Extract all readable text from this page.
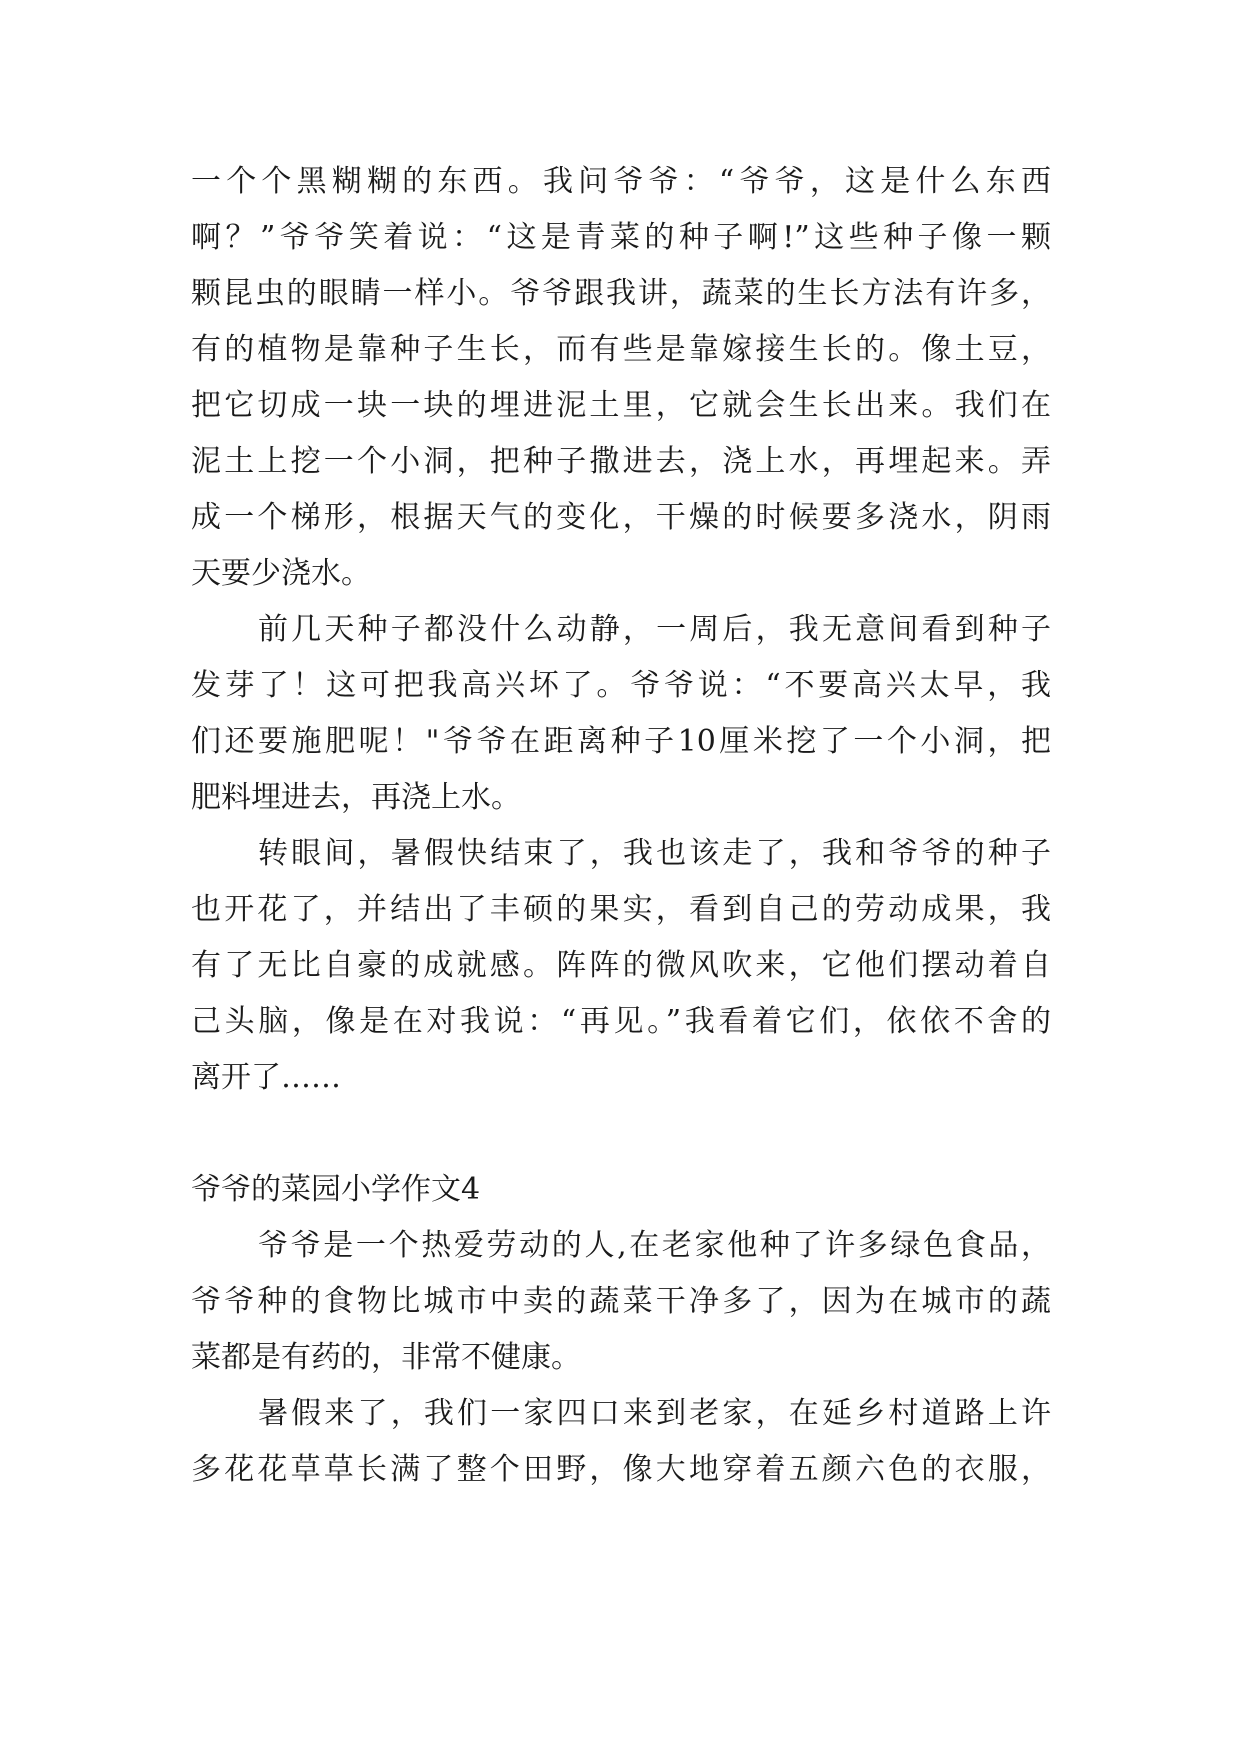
一个个黑糊糊的东西。我问爷爷：“爷爷，这是什么东西
啊？”爷爷笑着说：“这是青菜的种子啊!”这些种子像一颗
颗昆虫的眼睛一样小。爷爷跟我讲，蔬菜的生长方法有许多，
有的植物是靠种子生长，而有些是靠嫁接生长的。像土豆，
把它切成一块一块的埋进泥土里，它就会生长出来。我们在
泥土上挖一个小洞，把种子撒进去，浇上水，再埋起来。弄
成一个梯形，根据天气的变化，干燥的时候要多浇水，阴雨
天要少浇水。
前几天种子都没什么动静，一周后，我无意间看到种子
发芽了！这可把我高兴坏了。爷爷说：“不要高兴太早，我
们还要施肥呢！"爷爷在距离种子10厘米挖了一个小洞，把
肥料埋进去，再浇上水。
转眼间，暑假快结束了，我也该走了，我和爷爷的种子
也开花了，并结出了丰硕的果实，看到自己的劳动成果，我
有了无比自豪的成就感。阵阵的微风吹来，它他们摆动着自
己头脑，像是在对我说：“再见。”我看着它们，依依不舍的
离开了……
爷爷的菜园小学作文4
爷爷是一个热爱劳动的人,在老家他种了许多绿色食品，
爷爷种的食物比城市中卖的蔬菜干净多了，因为在城市的蔬
菜都是有药的，非常不健康。
暑假来了，我们一家四口来到老家，在延乡村道路上许
多花花草草长满了整个田野，像大地穿着五颜六色的衣服，
